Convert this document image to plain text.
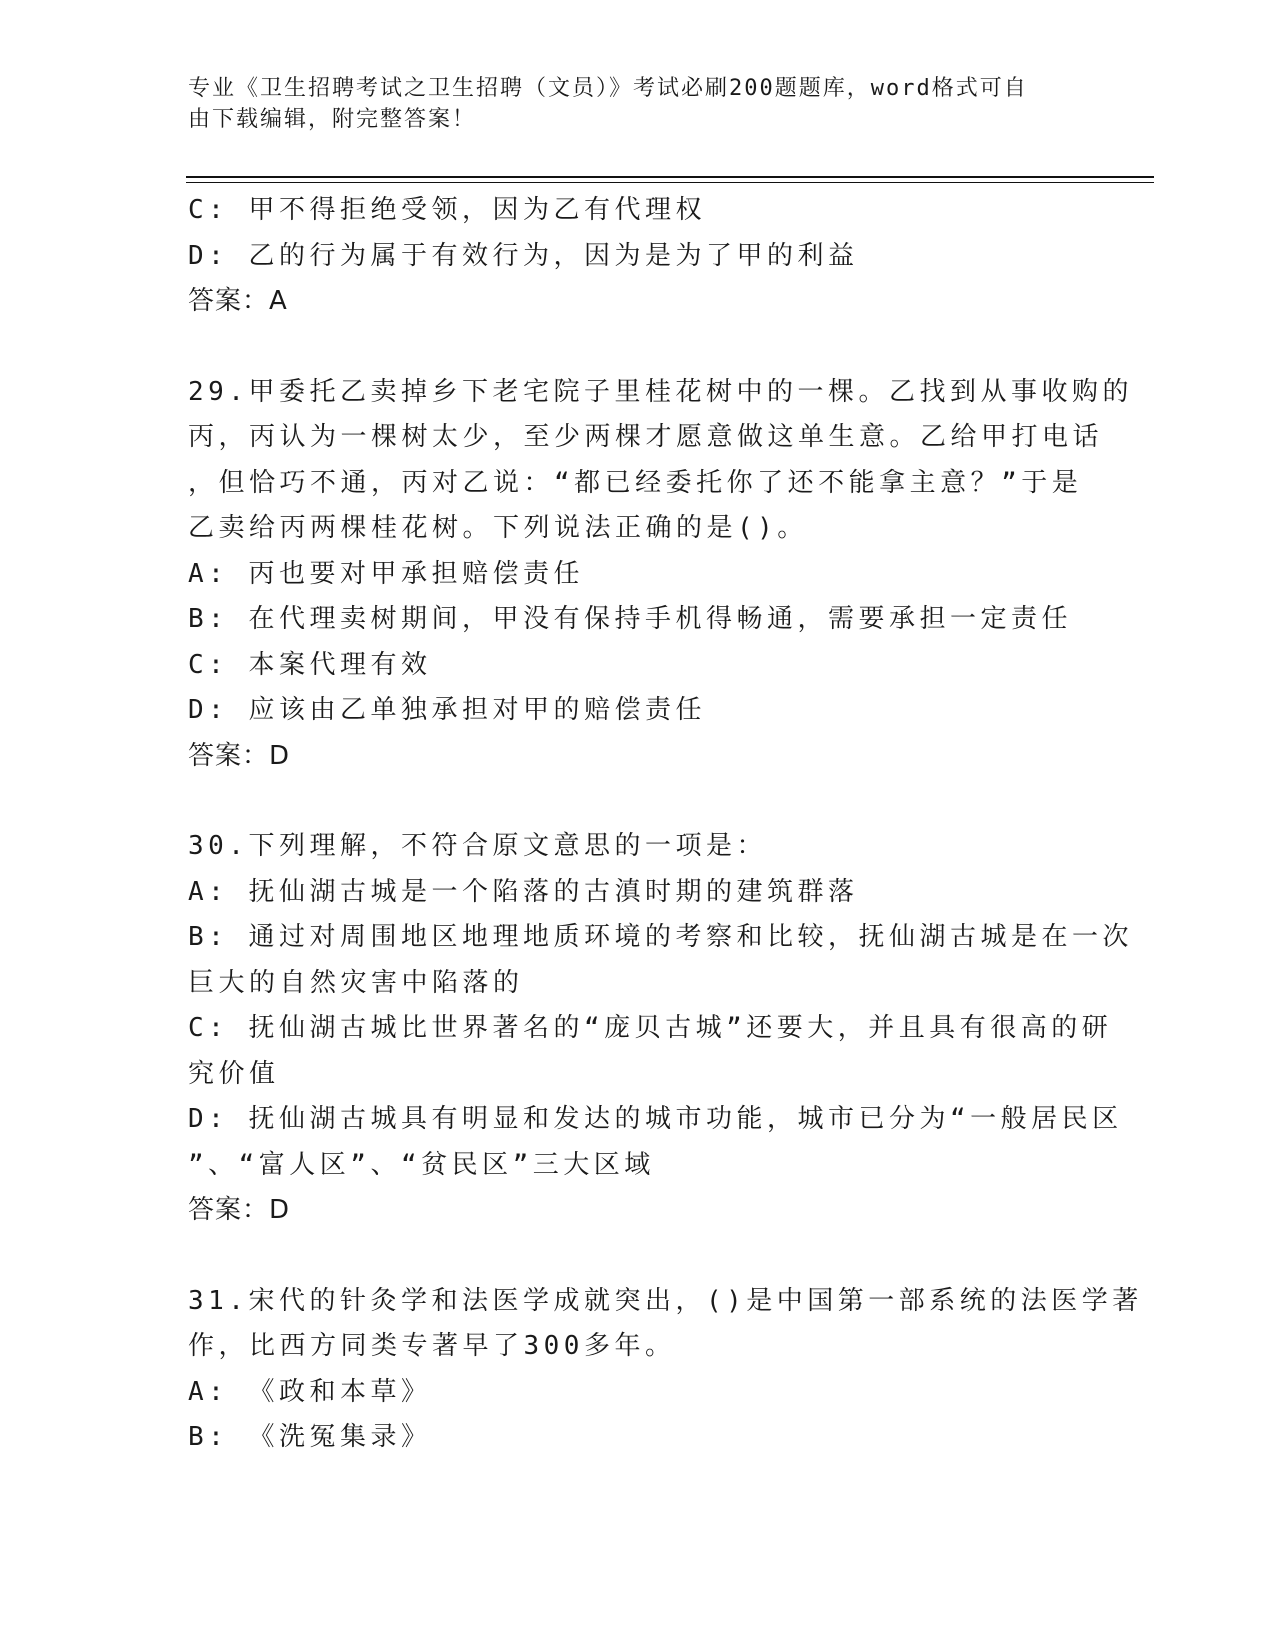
专业《卫生招聘考试之卫生招聘（文员）》考试必刷200题题库，word格式可自
由下载编辑，附完整答案！
C: 甲不得拒绝受领，因为乙有代理权
D: 乙的行为属于有效行为，因为是为了甲的利益
答案：A
29.甲委托乙卖掉乡下老宅院子里桂花树中的一棵。乙找到从事收购的
丙，丙认为一棵树太少，至少两棵才愿意做这单生意。乙给甲打电话
，但恰巧不通，丙对乙说：“都已经委托你了还不能拿主意？”于是
乙卖给丙两棵桂花树。下列说法正确的是()。
A: 丙也要对甲承担赔偿责任
B: 在代理卖树期间，甲没有保持手机得畅通，需要承担一定责任
C: 本案代理有效
D: 应该由乙单独承担对甲的赔偿责任
答案：D
30.下列理解，不符合原文意思的一项是：
A: 抚仙湖古城是一个陷落的古滇时期的建筑群落
B: 通过对周围地区地理地质环境的考察和比较，抚仙湖古城是在一次
巨大的自然灾害中陷落的
C: 抚仙湖古城比世界著名的“庞贝古城”还要大，并且具有很高的研
究价值
D: 抚仙湖古城具有明显和发达的城市功能，城市已分为“一般居民区
”、“富人区”、“贫民区”三大区域
答案：D
31.宋代的针灸学和法医学成就突出，()是中国第一部系统的法医学著
作，比西方同类专著早了300多年。
A: 《政和本草》
B: 《洗冤集录》
